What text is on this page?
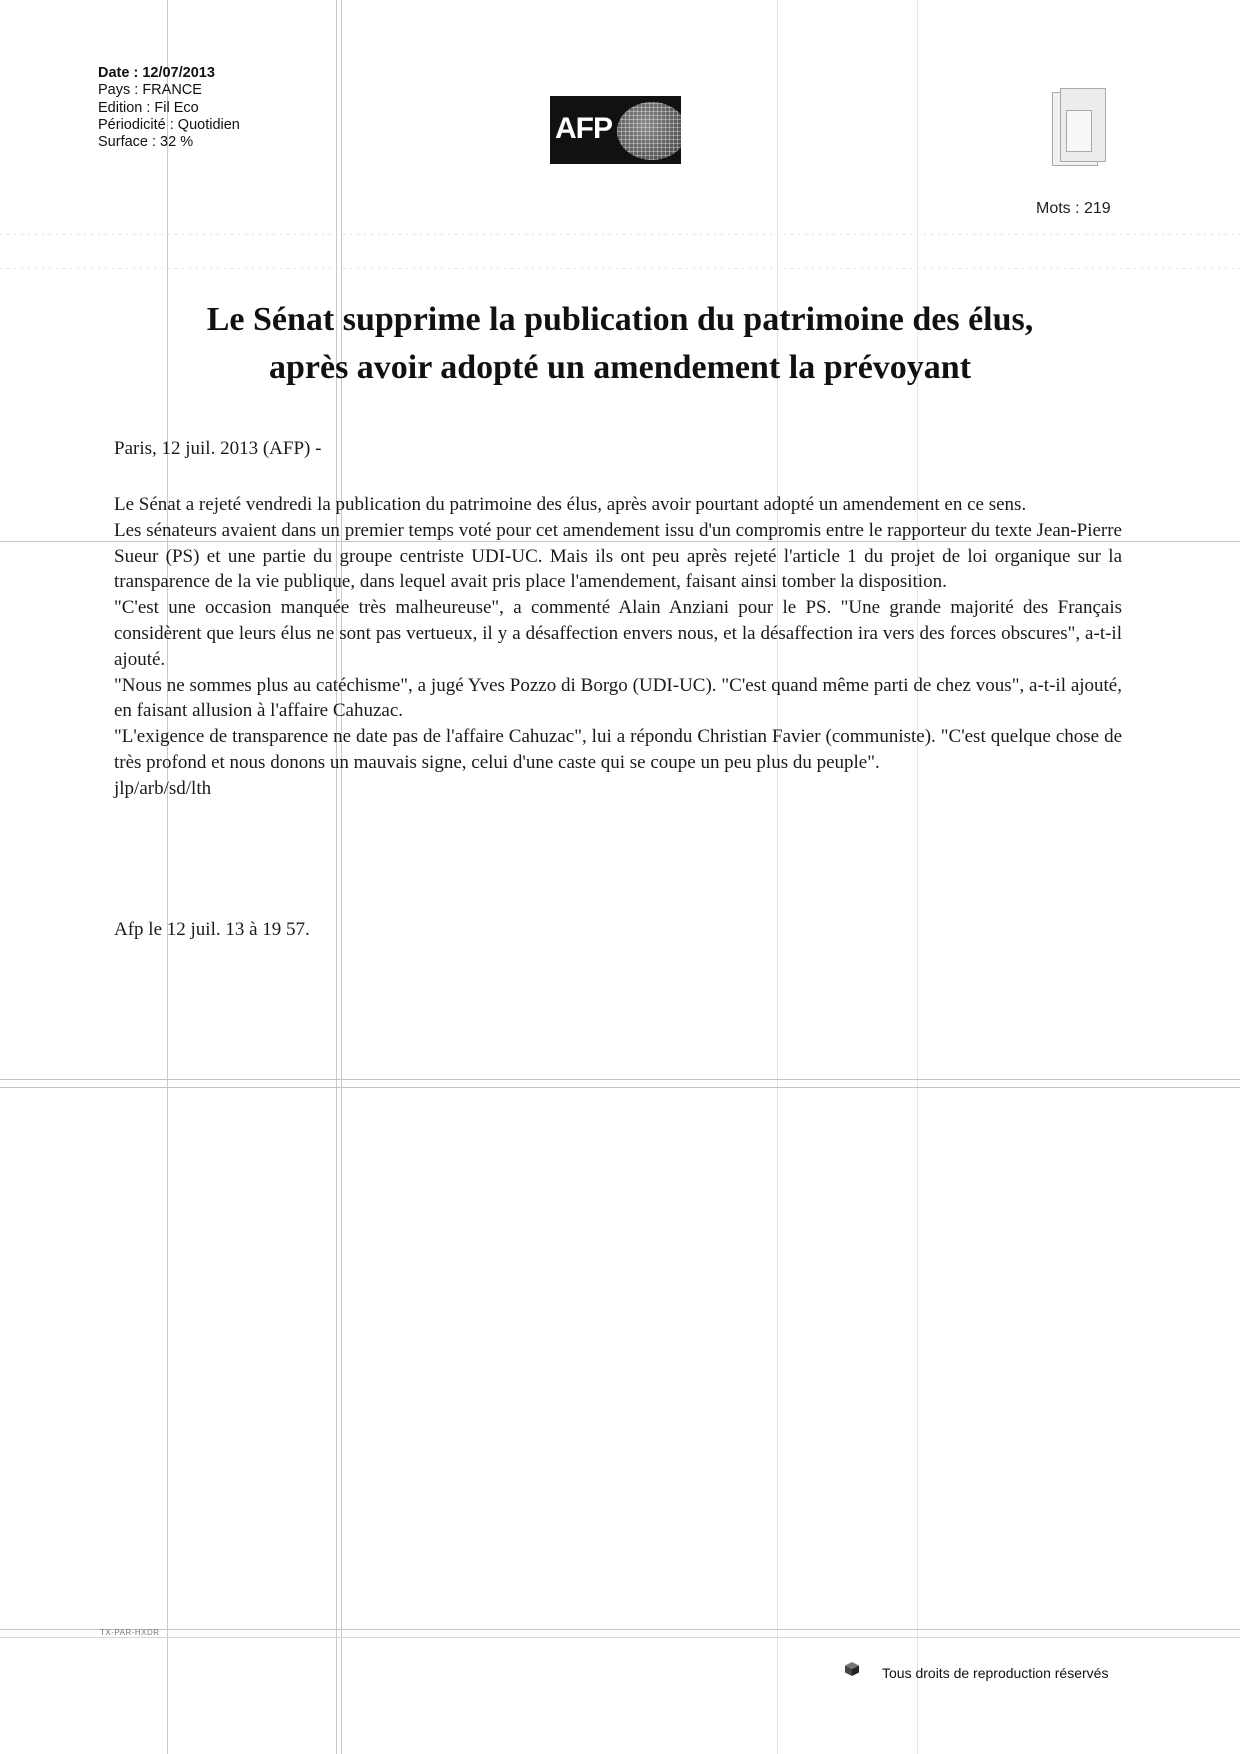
Date : 12/07/2013
Pays : FRANCE
Edition : Fil Eco
Périodicité : Quotidien
Surface : 32 %	AFP
Mots : 219
Le Sénat supprime la publication du patrimoine des élus,
après avoir adopté un amendement la prévoyant
Paris, 12 juil. 2013 (AFP) -

Le Sénat a rejeté vendredi la publication du patrimoine des élus, après avoir pourtant adopté un amendement en ce sens.

Les sénateurs avaient dans un premier temps voté pour cet amendement issu d'un compromis entre le rapporteur du texte Jean-Pierre Sueur (PS) et une partie du groupe centriste UDI-UC. Mais ils ont peu après rejeté l'article 1 du projet de loi organique sur la transparence de la vie publique, dans lequel avait pris place l'amendement, faisant ainsi tomber la disposition.

"C'est une occasion manquée très malheureuse", a commenté Alain Anziani pour le PS. "Une grande majorité des Français considèrent que leurs élus ne sont pas vertueux, il y a désaffection envers nous, et la désaffection ira vers des forces obscures", a-t-il ajouté.

"Nous ne sommes plus au catéchisme", a jugé Yves Pozzo di Borgo (UDI-UC). "C'est quand même parti de chez vous", a-t-il ajouté, en faisant allusion à l'affaire Cahuzac.

"L'exigence de transparence ne date pas de l'affaire Cahuzac", lui a répondu Christian Favier (communiste). "C'est quelque chose de très profond et nous donons un mauvais signe, celui d'une caste qui se coupe un peu plus du peuple".

jlp/arb/sd/lth

Afp le 12 juil. 13 à 19 57.
TX-PAR-HXDR
Tous droits de reproduction réservés
